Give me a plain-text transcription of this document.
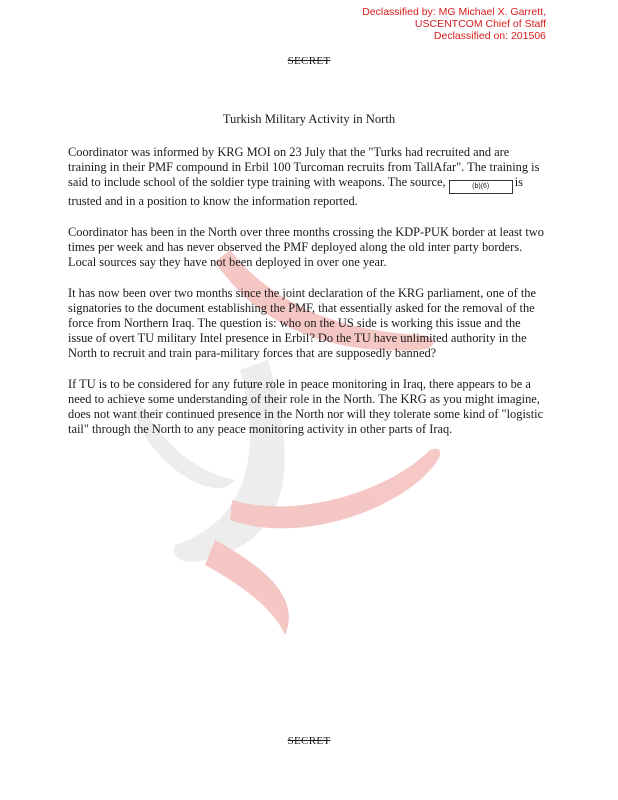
Declassified by: MG Michael X. Garrett,
USCENTCOM Chief of Staff
Declassified on: 201506
SECRET
Turkish Military Activity in North

Coordinator was informed by KRG MOI on 23 July that the "Turks had recruited and are training in their PMF compound in Erbil 100 Turcoman recruits from TallAfar". The training is said to include school of the soldier type training with weapons. The source,	(b)(6) is trusted and in a position to know the information reported.

Coordinator has been in the North over three months crossing the KDP-PUK border at least two times per week and has never observed the PMF deployed along the old inter party borders. Local sources say they have not been deployed in over one year.

It has now been over two months since the joint declaration of the KRG parliament, one of the signatories to the document establishing the PMF, that essentially asked for the removal of the force from Northern Iraq. The question is: who on the US side is working this issue and the issue of overt TU military Intel presence in Erbil? Do the TU have unlimited authority in the North to recruit and train para-military forces that are supposedly banned?

If TU is to be considered for any future role in peace monitoring in Iraq, there appears to be a need to achieve some understanding of their role in the North. The KRG as you might imagine, does not want their continued presence in the North nor will they tolerate some kind of "logistic tail" through the North to any peace monitoring activity in other parts of Iraq.

SECRET
